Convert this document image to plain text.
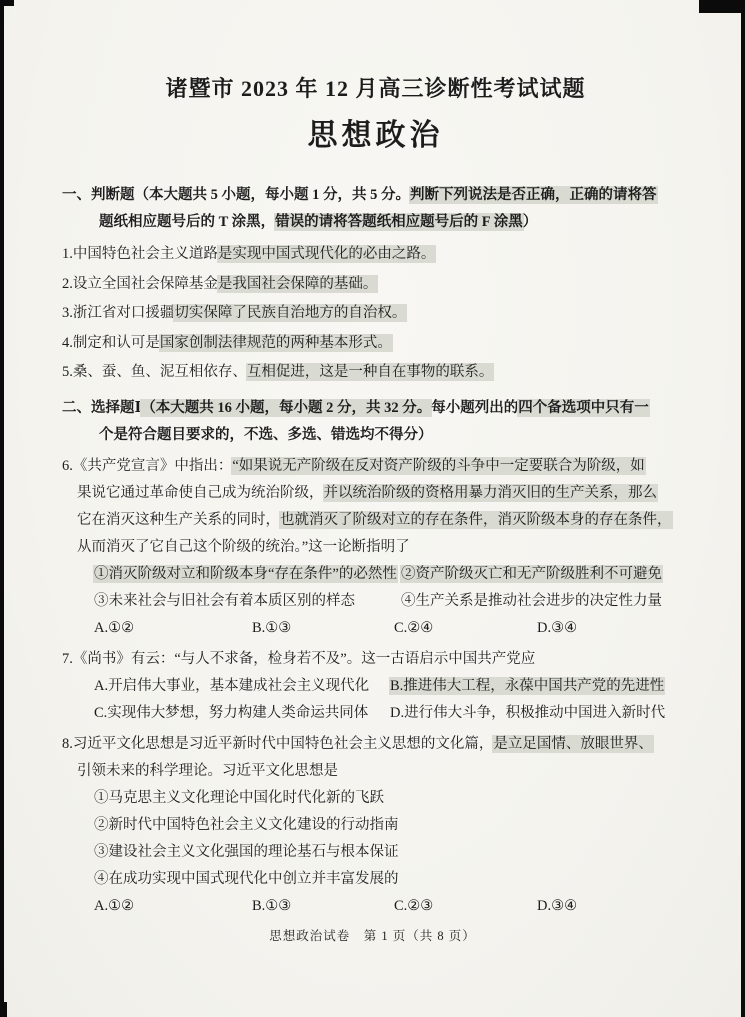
诸暨市 2023 年 12 月高三诊断性考试试题
思想政治
一、判断题（本大题共 5 小题，每小题 1 分，共 5 分。判断下列说法是否正确，正确的请将答
题纸相应题号后的 T 涂黑，错误的请将答题纸相应题号后的 F 涂黑）
1.中国特色社会主义道路是实现中国式现代化的必由之路。
2.设立全国社会保障基金是我国社会保障的基础。
3.浙江省对口援疆切实保障了民族自治地方的自治权。
4.制定和认可是国家创制法律规范的两种基本形式。
5.桑、蚕、鱼、泥互相依存、互相促进，这是一种自在事物的联系。
二、选择题Ⅰ（本大题共 16 小题，每小题 2 分，共 32 分。每小题列出的四个备选项中只有一
个是符合题目要求的，不选、多选、错选均不得分）
6.《共产党宣言》中指出：“如果说无产阶级在反对资产阶级的斗争中一定要联合为阶级，如
果说它通过革命使自己成为统治阶级，并以统治阶级的资格用暴力消灭旧的生产关系，那么
它在消灭这种生产关系的同时，也就消灭了阶级对立的存在条件，消灭阶级本身的存在条件，
从而消灭了它自己这个阶级的统治。”这一论断指明了
①消灭阶级对立和阶级本身“存在条件”的必然性 ②资产阶级灭亡和无产阶级胜利不可避免
③未来社会与旧社会有着本质区别的样态	④生产关系是推动社会进步的决定性力量
A.①②	B.①③	C.②④	D.③④
7.《尚书》有云：“与人不求备，检身若不及”。这一古语启示中国共产党应
A.开启伟大事业，基本建成社会主义现代化	B.推进伟大工程，永葆中国共产党的先进性
C.实现伟大梦想，努力构建人类命运共同体	D.进行伟大斗争，积极推动中国进入新时代
8.习近平文化思想是习近平新时代中国特色社会主义思想的文化篇，是立足国情、放眼世界、
引领未来的科学理论。习近平文化思想是
①马克思主义文化理论中国化时代化新的飞跃
②新时代中国特色社会主义文化建设的行动指南
③建设社会主义文化强国的理论基石与根本保证
④在成功实现中国式现代化中创立并丰富发展的
A.①②	B.①③	C.②③	D.③④
思想政治试卷　第 1 页（共 8 页）
